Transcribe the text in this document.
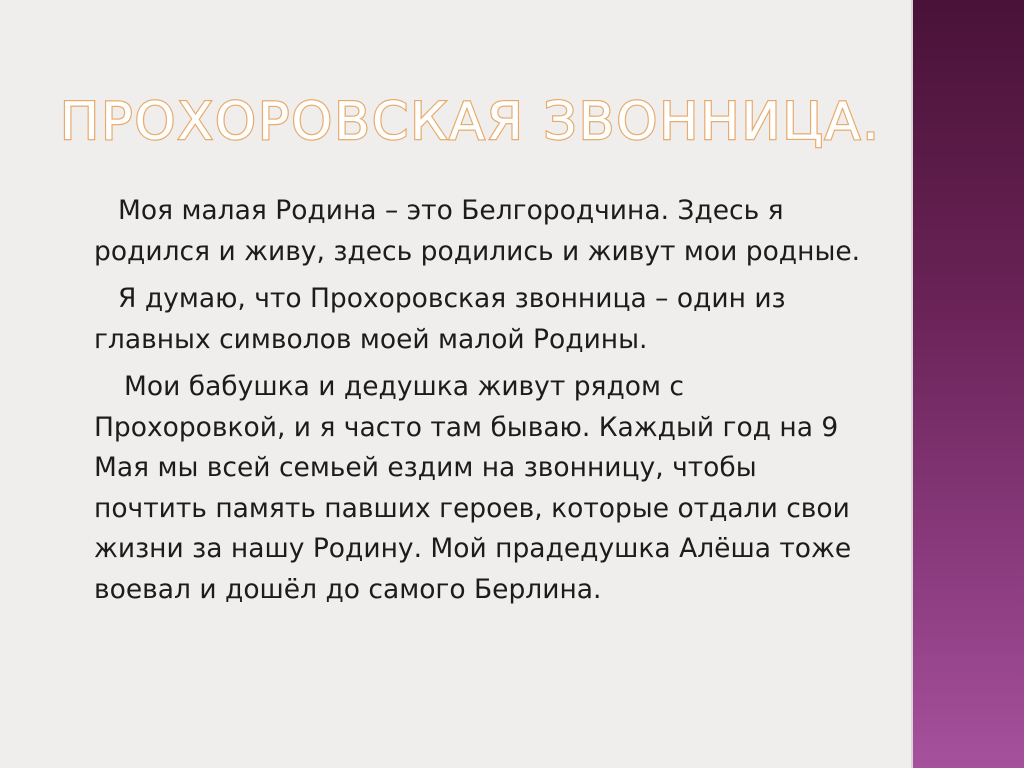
ПРОХОРОВСКАЯ ЗВОННИЦА.

Моя малая Родина – это Белгородчина. Здесь я родился и живу, здесь родились и живут мои родные.

Я думаю, что Прохоровская звонница – один из главных символов моей малой Родины.

Мои бабушка и дедушка живут рядом с Прохоровкой, и я часто там бываю. Каждый год на 9 Мая мы всей семьей ездим на звонницу, чтобы почтить память павших героев, которые отдали свои жизни за нашу Родину. Мой прадедушка Алёша тоже воевал и дошёл до самого Берлина.
